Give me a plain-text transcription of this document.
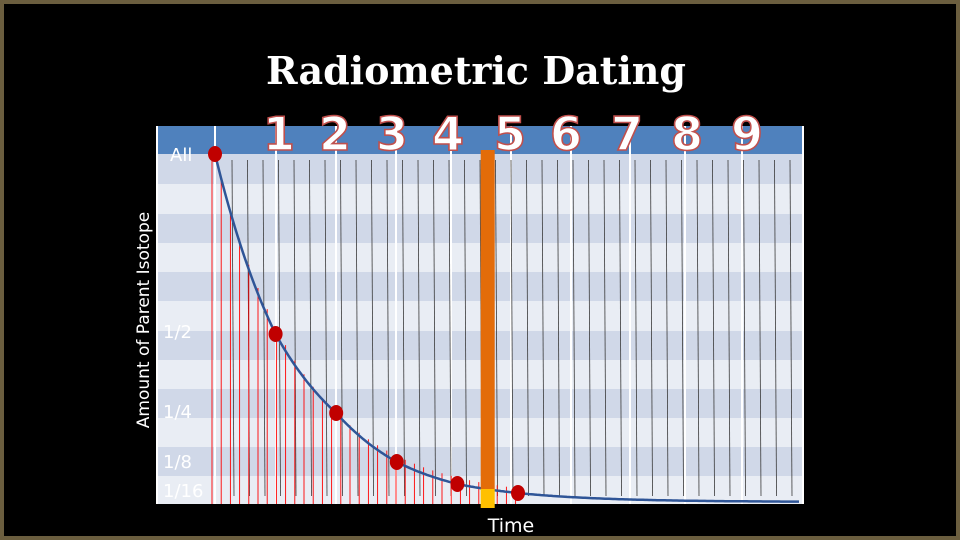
Radiometric Dating
Amount of Parent Isotope
Time
1 2 3 4 5 6 7 8 9
All
1/2
1/4
1/8
1/16
